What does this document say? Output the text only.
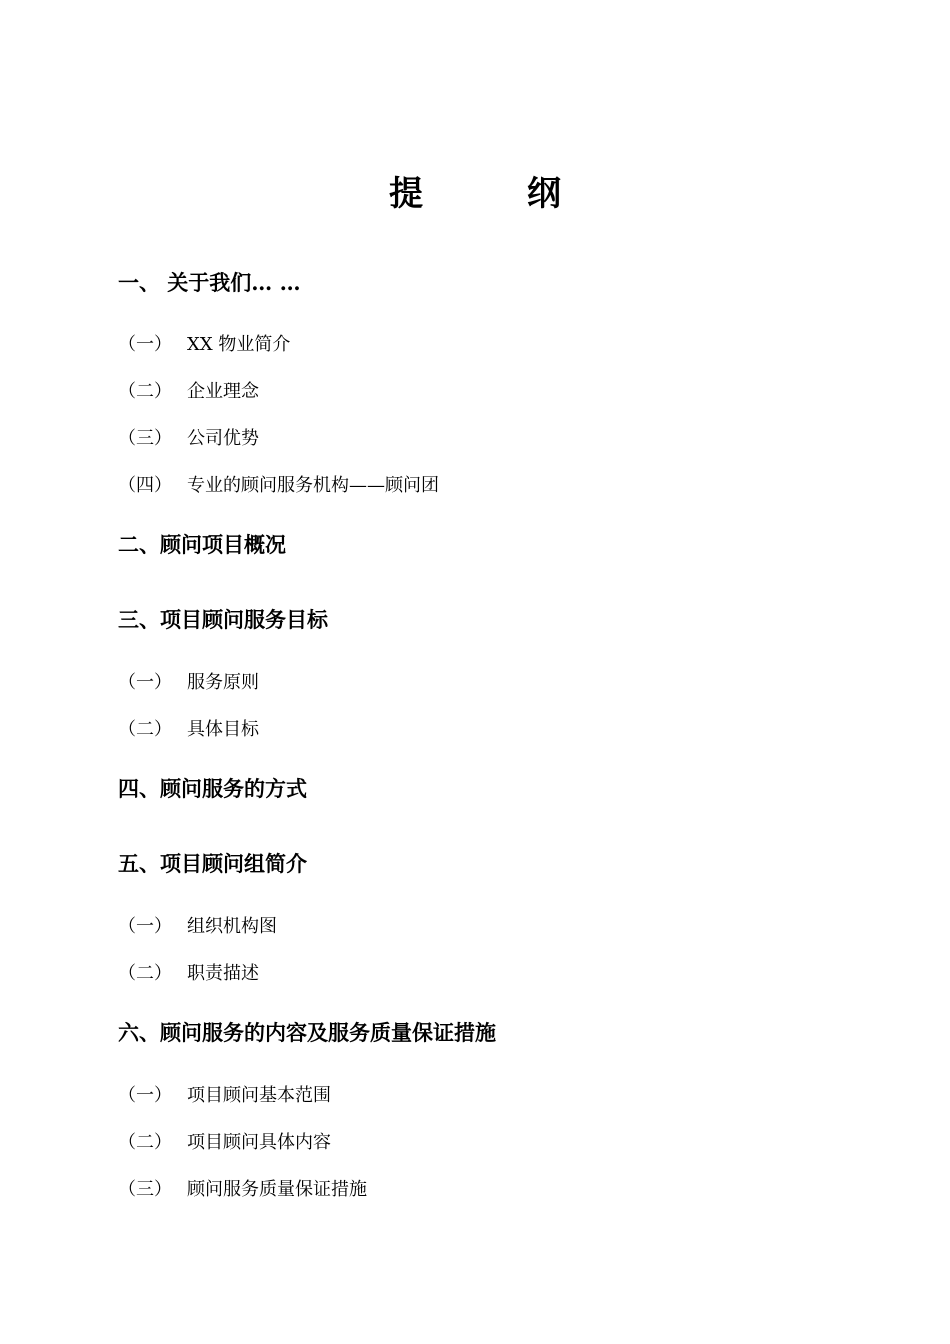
提	纲
一、 关于我们… …
（一） XX 物业简介
（二） 企业理念
（三） 公司优势
（四） 专业的顾问服务机构——顾问团
二、顾问项目概况
三、项目顾问服务目标
（一） 服务原则
（二） 具体目标
四、顾问服务的方式
五、项目顾问组简介
（一） 组织机构图
（二） 职责描述
六、顾问服务的内容及服务质量保证措施
（一） 项目顾问基本范围
（二） 项目顾问具体内容
（三） 顾问服务质量保证措施
